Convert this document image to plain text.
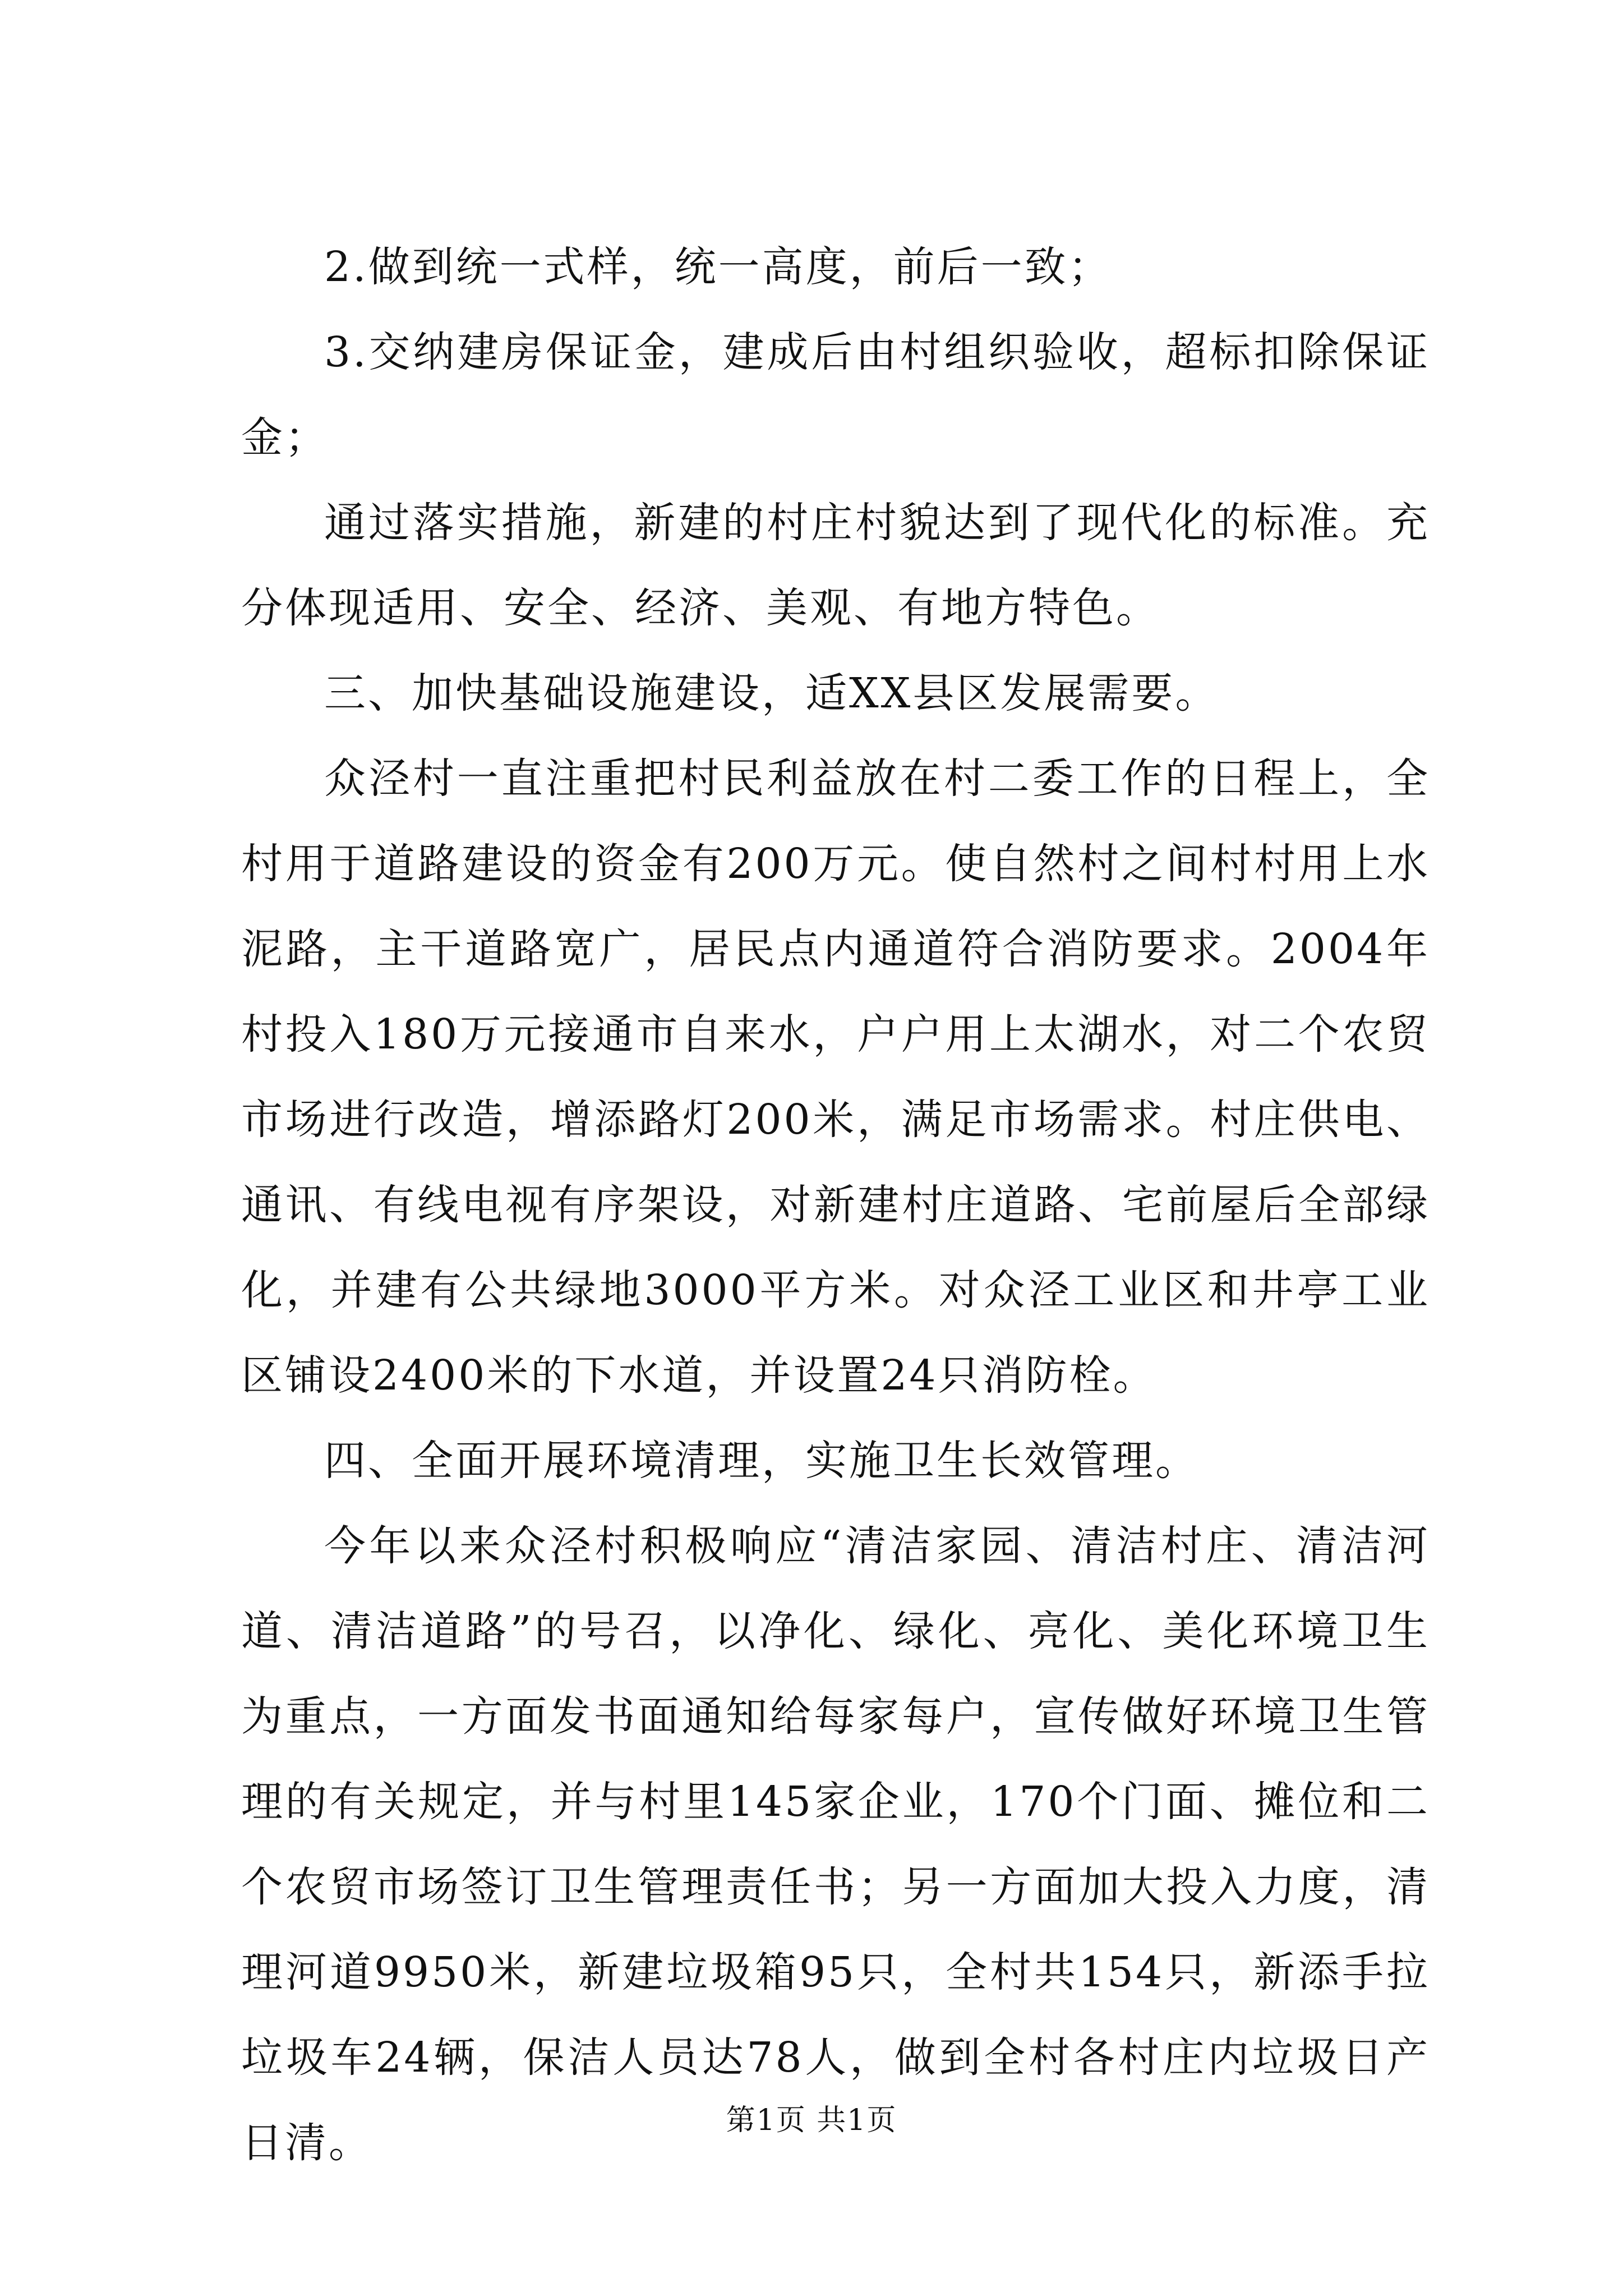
2.做到统一式样，统一高度，前后一致；

3.交纳建房保证金，建成后由村组织验收，超标扣除保证金；

通过落实措施，新建的村庄村貌达到了现代化的标准。充分体现适用、安全、经济、美观、有地方特色。

三、加快基础设施建设，适XX县区发展需要。

众泾村一直注重把村民利益放在村二委工作的日程上，全村用于道路建设的资金有200万元。使自然村之间村村用上水泥路，主干道路宽广，居民点内通道符合消防要求。2004年村投入180万元接通市自来水，户户用上太湖水，对二个农贸市场进行改造，增添路灯200米，满足市场需求。村庄供电、通讯、有线电视有序架设，对新建村庄道路、宅前屋后全部绿化，并建有公共绿地3000平方米。对众泾工业区和井亭工业区铺设2400米的下水道，并设置24只消防栓。

四、全面开展环境清理，实施卫生长效管理。

今年以来众泾村积极响应“清洁家园、清洁村庄、清洁河道、清洁道路”的号召，以净化、绿化、亮化、美化环境卫生为重点，一方面发书面通知给每家每户，宣传做好环境卫生管理的有关规定，并与村里145家企业，170个门面、摊位和二个农贸市场签订卫生管理责任书；另一方面加大投入力度，清理河道9950米，新建垃圾箱95只，全村共154只，新添手拉垃圾车24辆，保洁人员达78人，做到全村各村庄内垃圾日产日清。	第1页 共1页
